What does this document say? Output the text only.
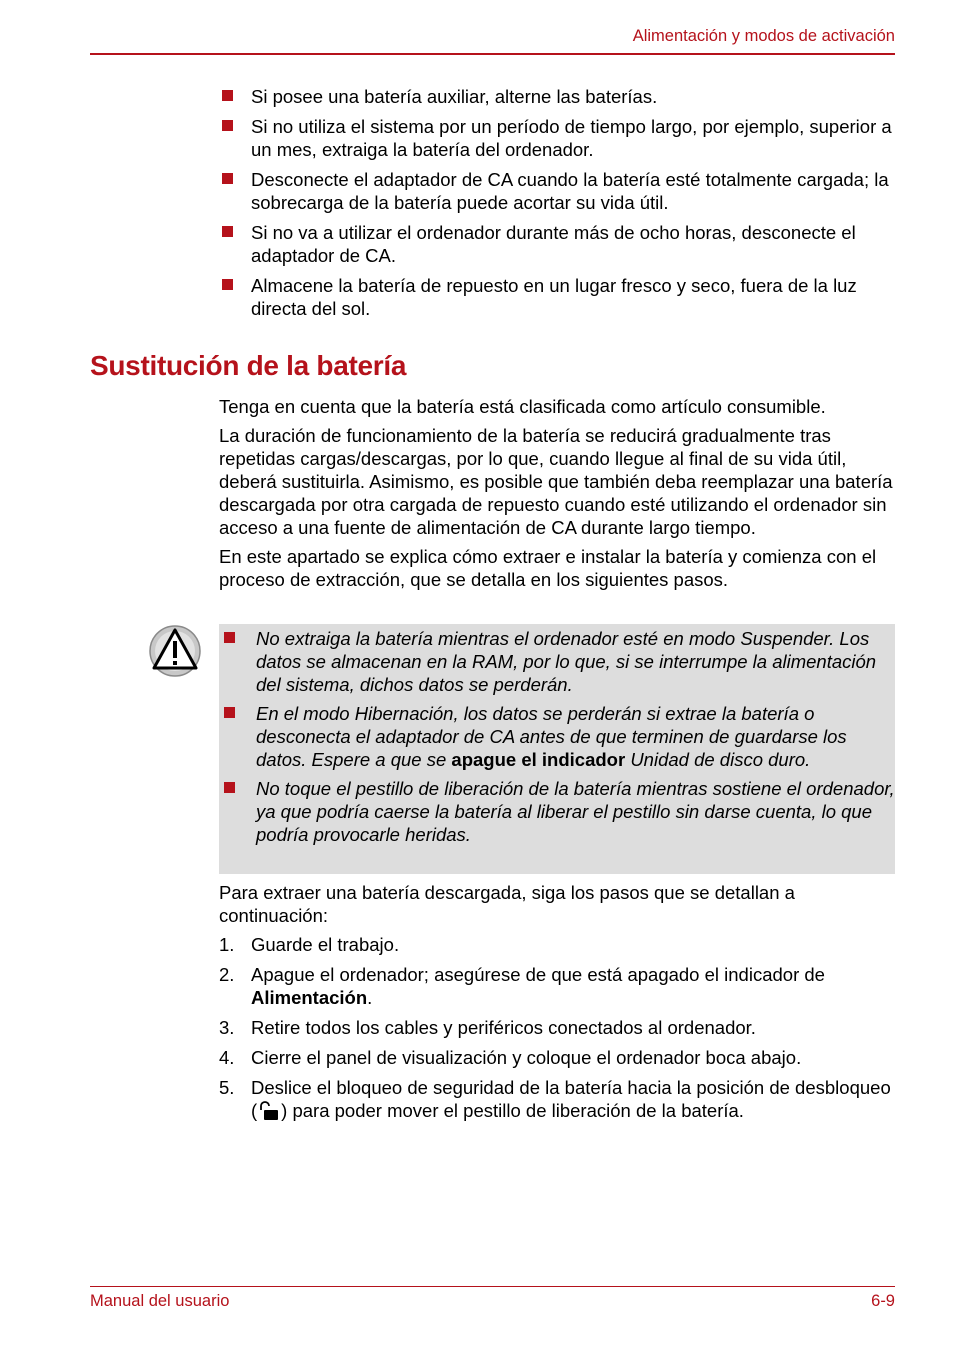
Alimentación y modos de activación
Si posee una batería auxiliar, alterne las baterías.
Si no utiliza el sistema por un período de tiempo largo, por ejemplo, superior a un mes, extraiga la batería del ordenador.
Desconecte el adaptador de CA cuando la batería esté totalmente cargada; la sobrecarga de la batería puede acortar su vida útil.
Si no va a utilizar el ordenador durante más de ocho horas, desconecte el adaptador de CA.
Almacene la batería de repuesto en un lugar fresco y seco, fuera de la luz directa del sol.
Sustitución de la batería

Tenga en cuenta que la batería está clasificada como artículo consumible.

La duración de funcionamiento de la batería se reducirá gradualmente tras repetidas cargas/descargas, por lo que, cuando llegue al final de su vida útil, deberá sustituirla. Asimismo, es posible que también deba reemplazar una batería descargada por otra cargada de repuesto cuando esté utilizando el ordenador sin acceso a una fuente de alimentación de CA durante largo tiempo.

En este apartado se explica cómo extraer e instalar la batería y comienza con el proceso de extracción, que se detalla en los siguientes pasos.

No extraiga la batería mientras el ordenador esté en modo Suspender. Los datos se almacenan en la RAM, por lo que, si se interrumpe la alimentación del sistema, dichos datos se perderán.
En el modo Hibernación, los datos se perderán si extrae la batería o desconecta el adaptador de CA antes de que terminen de guardarse los datos. Espere a que se apague el indicador Unidad de disco duro.
No toque el pestillo de liberación de la batería mientras sostiene el ordenador, ya que podría caerse la batería al liberar el pestillo sin darse cuenta, lo que podría provocarle heridas.

Para extraer una batería descargada, siga los pasos que se detallan a continuación:

1. Guarde el trabajo.
2. Apague el ordenador; asegúrese de que está apagado el indicador de Alimentación.
3. Retire todos los cables y periféricos conectados al ordenador.
4. Cierre el panel de visualización y coloque el ordenador boca abajo.
5. Deslice el bloqueo de seguridad de la batería hacia la posición de desbloqueo ( ) para poder mover el pestillo de liberación de la batería.
Manual del usuario	6-9
